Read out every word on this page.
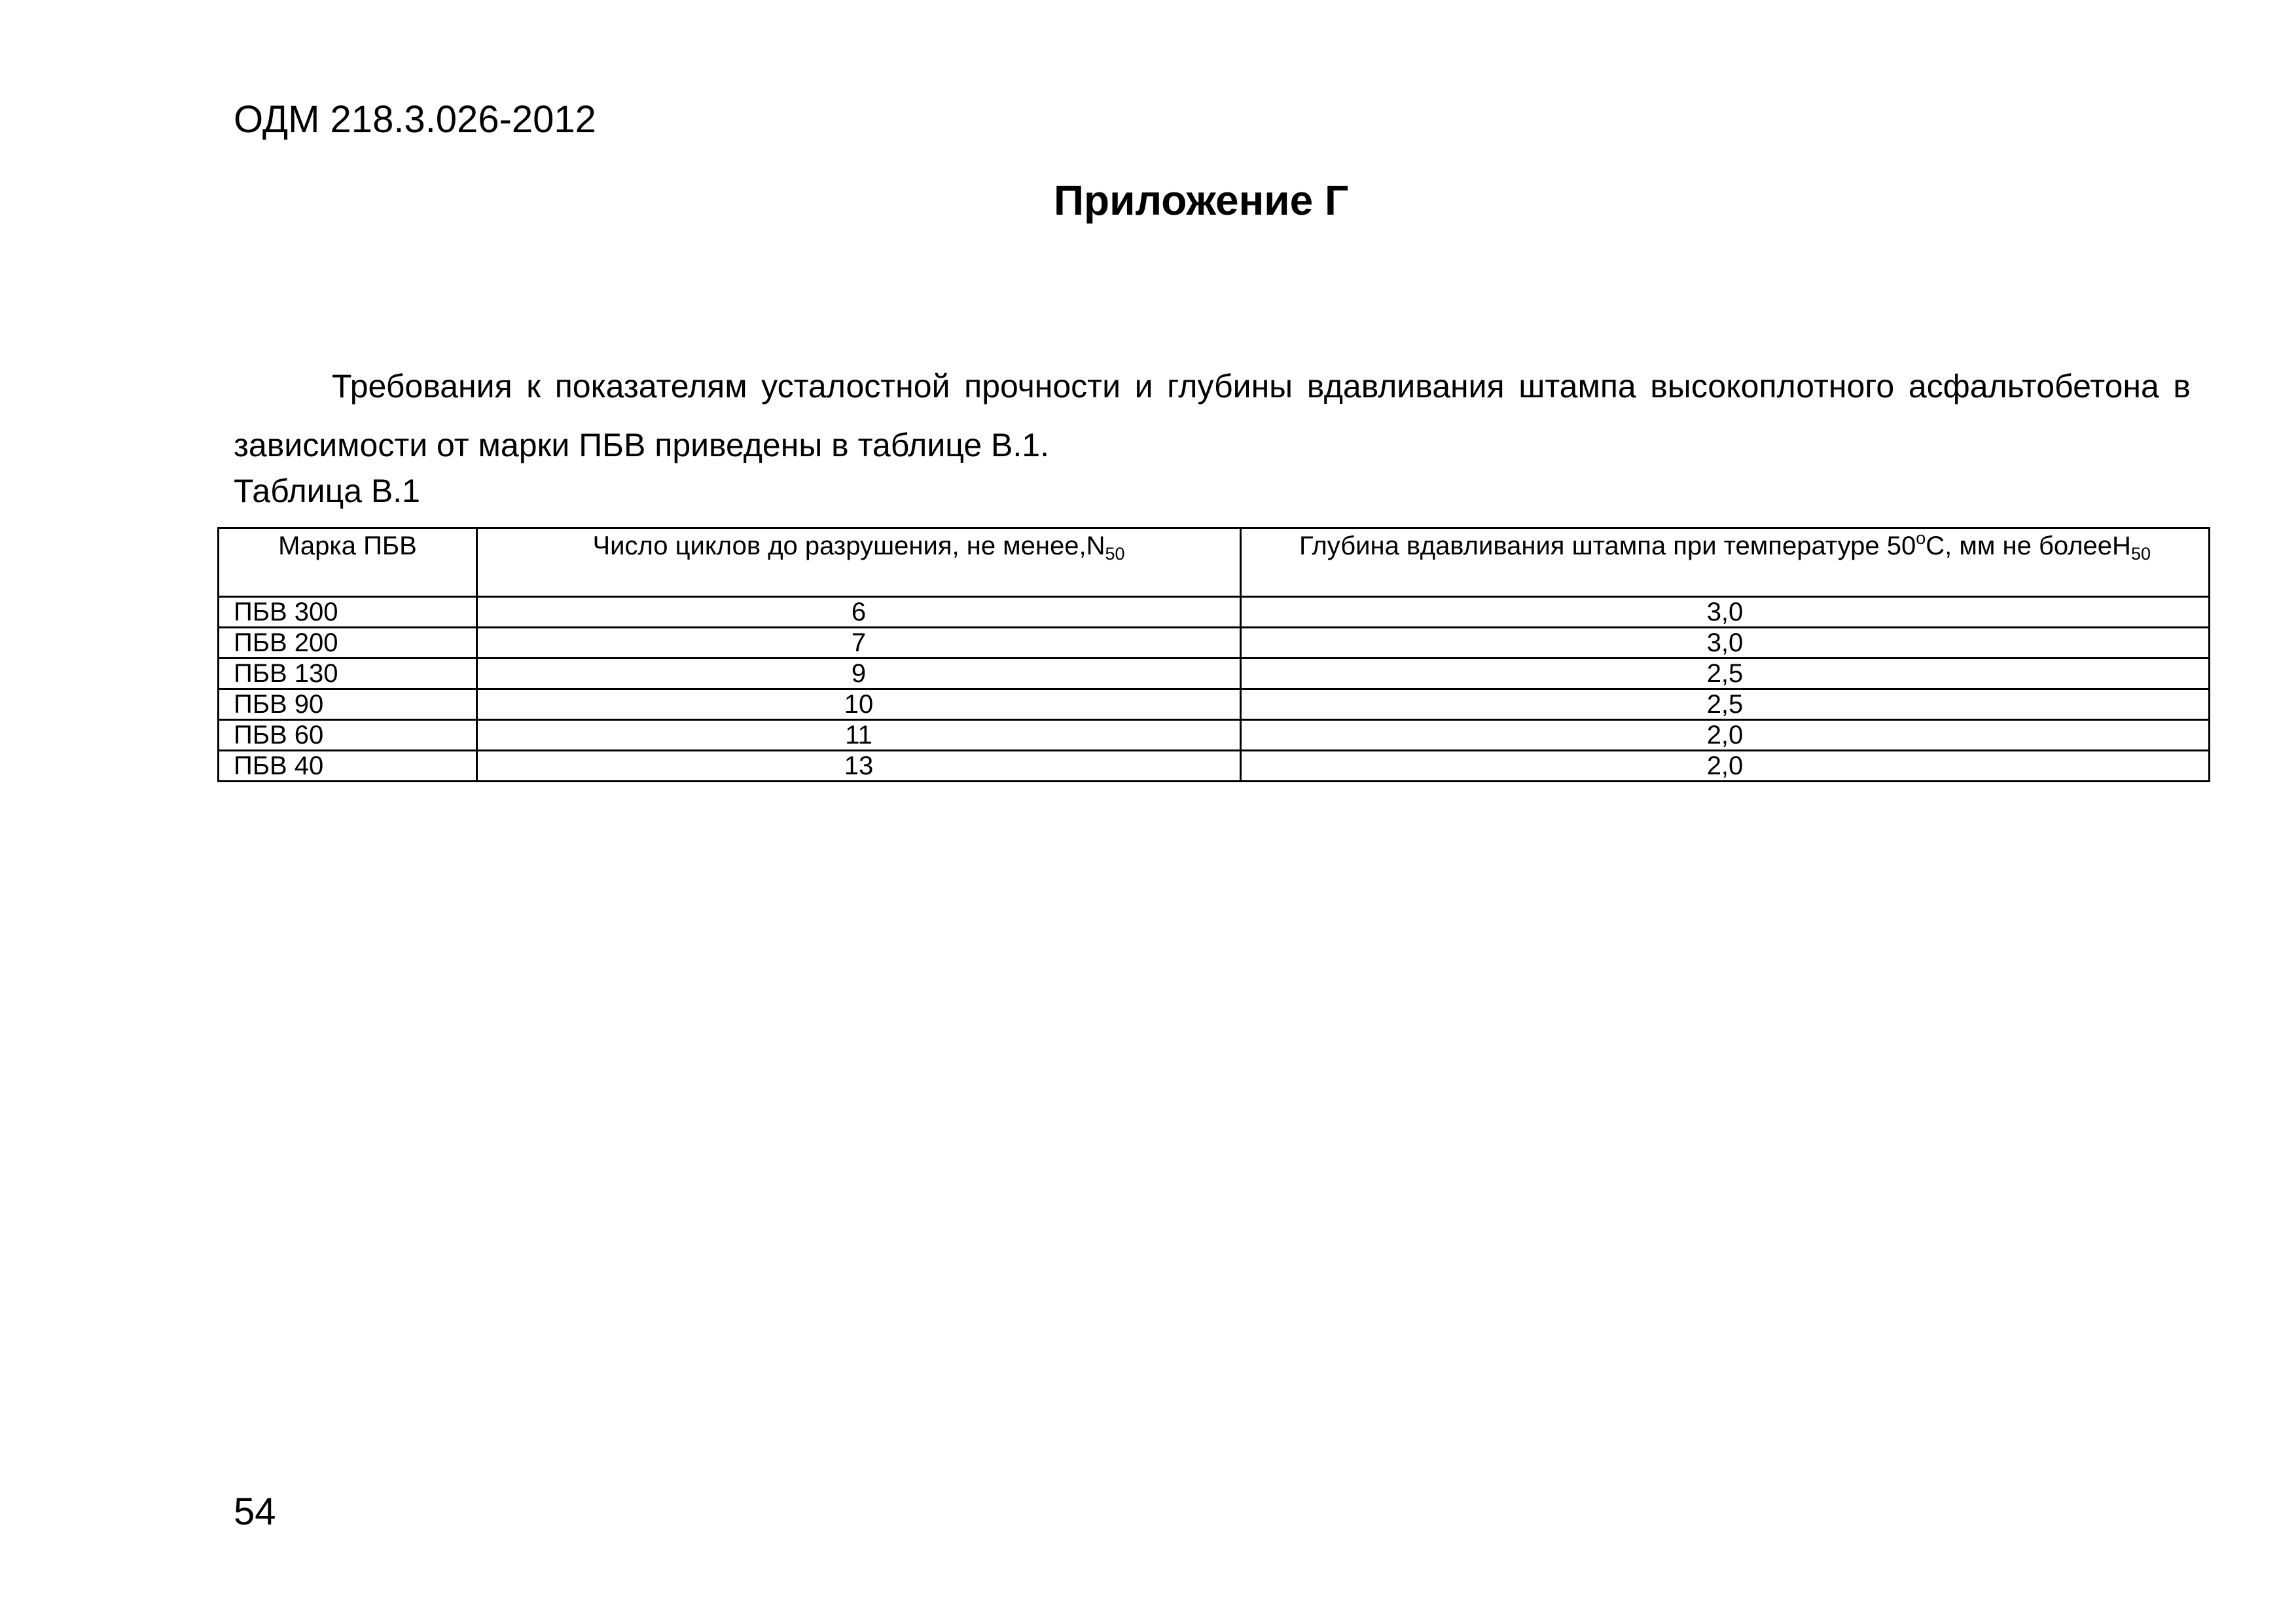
ОДМ 218.3.026-2012
Приложение Г

Требования к показателям усталостной прочности и глубины вдавливания штампа высокоплотного асфальтобетона в зависимости от марки ПБВ приведены в таблице В.1.

Таблица В.1
Марка ПБВ	Число циклов до разрушения, не $менее,N_{50}$	Глубина вдавливания штампа при температуре $50^оС$, мм не болееH$_{50}$
ПБВ 300	6	3,0
ПБВ 200	7	3,0
ПБВ 130	9	2,5
ПБВ 90	10	2,5
ПБВ 60	11	2,0
ПБВ 40	13	2,0
54
